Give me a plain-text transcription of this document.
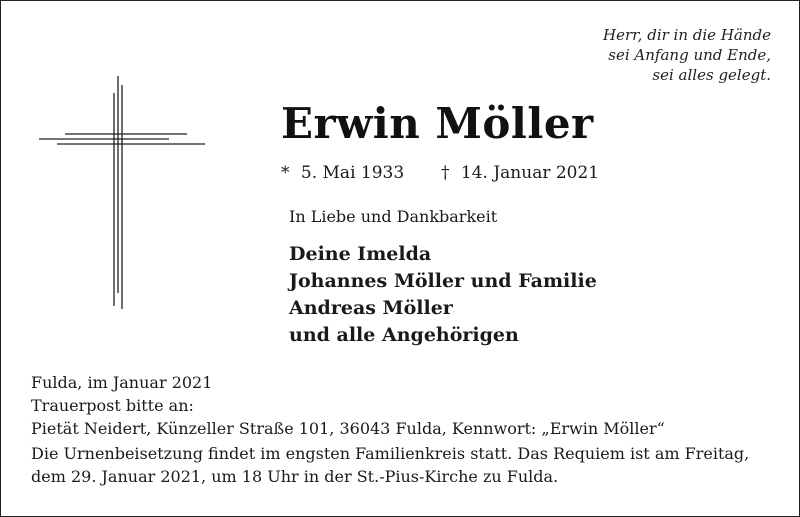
Herr, dir in die Hände
sei Anfang und Ende,
sei alles gelegt.
Erwin Möller
* 5. Mai 1933 † 14. Januar 2021
In Liebe und Dankbarkeit
Deine Imelda
Johannes Möller und Familie
Andreas Möller
und alle Angehörigen
Fulda, im Januar 2021
Trauerpost bitte an:
Pietät Neidert, Künzeller Straße 101, 36043 Fulda, Kennwort: „Erwin Möller“
Die Urnenbeisetzung findet im engsten Familienkreis statt. Das Requiem ist am Freitag,
dem 29. Januar 2021, um 18 Uhr in der St.-Pius-Kirche zu Fulda.
